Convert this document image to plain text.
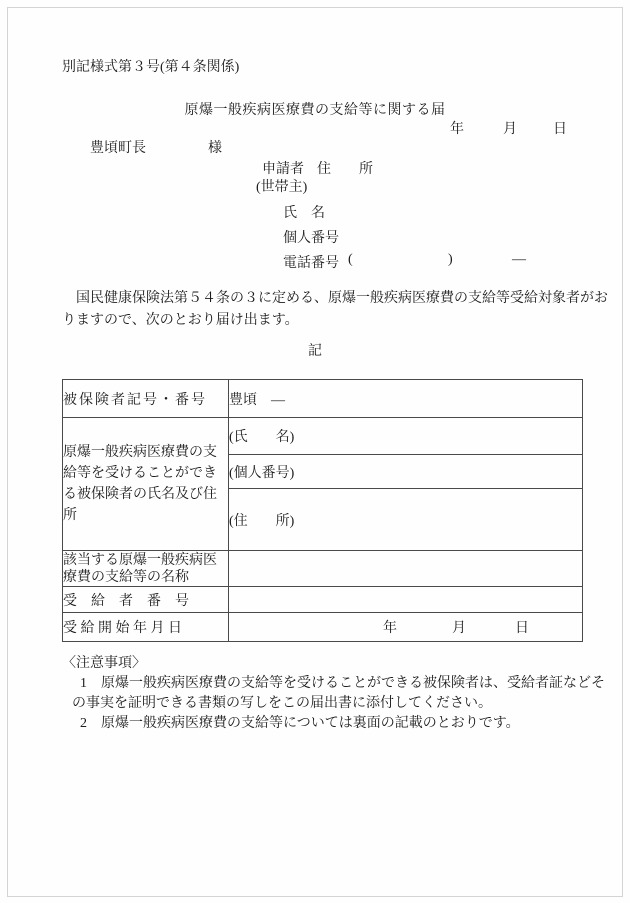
別記様式第３号(第４条関係)
原爆一般疾病医療費の支給等に関する届
年	月	日
豊頃町長	様
申請者 住　　所
(世帯主)
氏　名
個人番号
電話番号 (	)	―
　国民健康保険法第５４条の３に定める、原爆一般疾病医療費の支給等受給対象者がお
りますので、次のとおり届け出ます。
記
被保険者記号・番号	豊頃　―
原爆一般疾病医療費の支給等を受けることができる被保険者の氏名及び住所	(氏　　名)
	(個人番号)
	(住　　所)
該当する原爆一般疾病医療費の支給等の名称	
受　給　者　番　号	
受 給 開 始 年 月 日	年 月 日
〈注意事項〉
1　原爆一般疾病医療費の支給等を受けることができる被保険者は、受給者証などそ
の事実を証明できる書類の写しをこの届出書に添付してください。
2　原爆一般疾病医療費の支給等については裏面の記載のとおりです。
